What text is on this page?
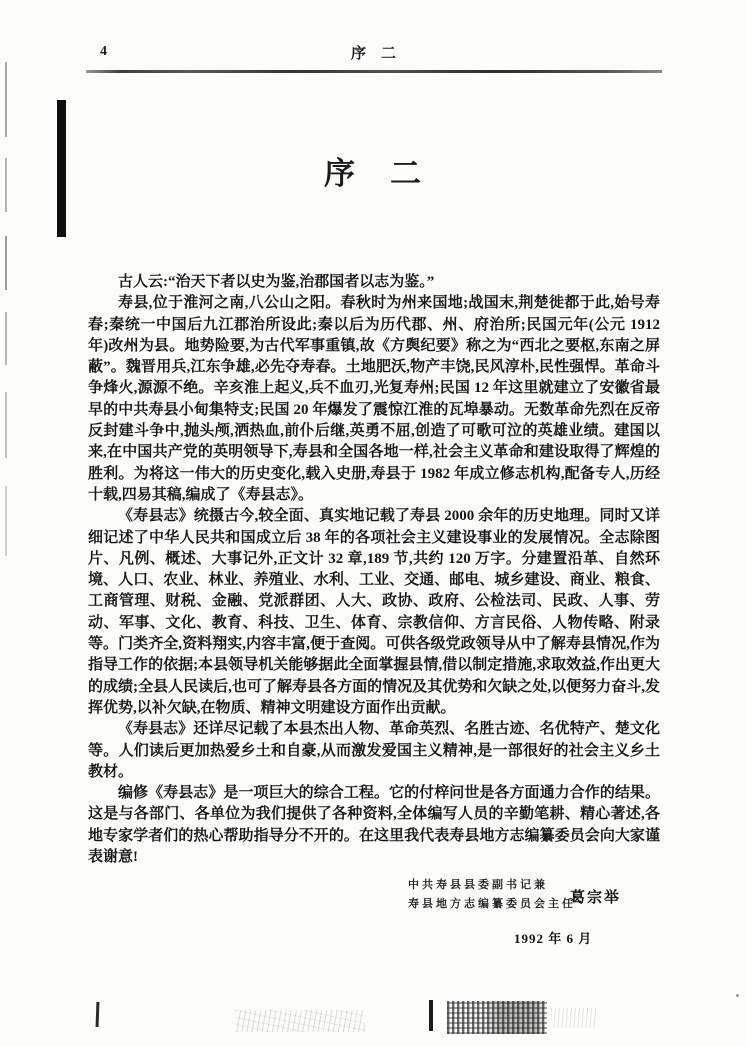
4	序　二
序　二

古人云:“治天下者以史为鉴,治郡国者以志为鉴。”

寿县,位于淮河之南,八公山之阳。春秋时为州来国地;战国末,荆楚徙都于此,始号寿春;秦统一中国后九江郡治所设此;秦以后为历代郡、州、府治所;民国元年(公元 1912 年)改州为县。地势险要,为古代军事重镇,故《方舆纪要》称之为“西北之要枢,东南之屏蔽”。魏晋用兵,江东争雄,必先夺寿春。土地肥沃,物产丰饶,民风淳朴,民性强悍。革命斗争烽火,源源不绝。辛亥淮上起义,兵不血刃,光复寿州;民国 12 年这里就建立了安徽省最早的中共寿县小甸集特支;民国 20 年爆发了震惊江淮的瓦埠暴动。无数革命先烈在反帝反封建斗争中,抛头颅,洒热血,前仆后继,英勇不屈,创造了可歌可泣的英雄业绩。建国以来,在中国共产党的英明领导下,寿县和全国各地一样,社会主义革命和建设取得了辉煌的胜利。为将这一伟大的历史变化,载入史册,寿县于 1982 年成立修志机构,配备专人,历经十载,四易其稿,编成了《寿县志》。

《寿县志》统摄古今,较全面、真实地记载了寿县 2000 余年的历史地理。同时又详细记述了中华人民共和国成立后 38 年的各项社会主义建设事业的发展情况。全志除图片、凡例、概述、大事记外,正文计 32 章,189 节,共约 120 万字。分建置沿革、自然环境、人口、农业、林业、养殖业、水利、工业、交通、邮电、城乡建设、商业、粮食、工商管理、财税、金融、党派群团、人大、政协、政府、公检法司、民政、人事、劳动、军事、文化、教育、科技、卫生、体育、宗教信仰、方言民俗、人物传略、附录等。门类齐全,资料翔实,内容丰富,便于查阅。可供各级党政领导从中了解寿县情况,作为指导工作的依据;本县领导机关能够据此全面掌握县情,借以制定措施,求取效益,作出更大的成绩;全县人民读后,也可了解寿县各方面的情况及其优势和欠缺之处,以便努力奋斗,发挥优势,以补欠缺,在物质、精神文明建设方面作出贡献。

《寿县志》还详尽记载了本县杰出人物、革命英烈、名胜古迹、名优特产、楚文化等。人们读后更加热爱乡土和自豪,从而激发爱国主义精神,是一部很好的社会主义乡土教材。

编修《寿县志》是一项巨大的综合工程。它的付梓问世是各方面通力合作的结果。这是与各部门、各单位为我们提供了各种资料,全体编写人员的辛勤笔耕、精心著述,各地专家学者们的热心帮助指导分不开的。在这里我代表寿县地方志编纂委员会向大家谨表谢意!

中共寿县县委副书记兼
寿县地方志编纂委员会主任
葛宗举
1992 年 6 月
